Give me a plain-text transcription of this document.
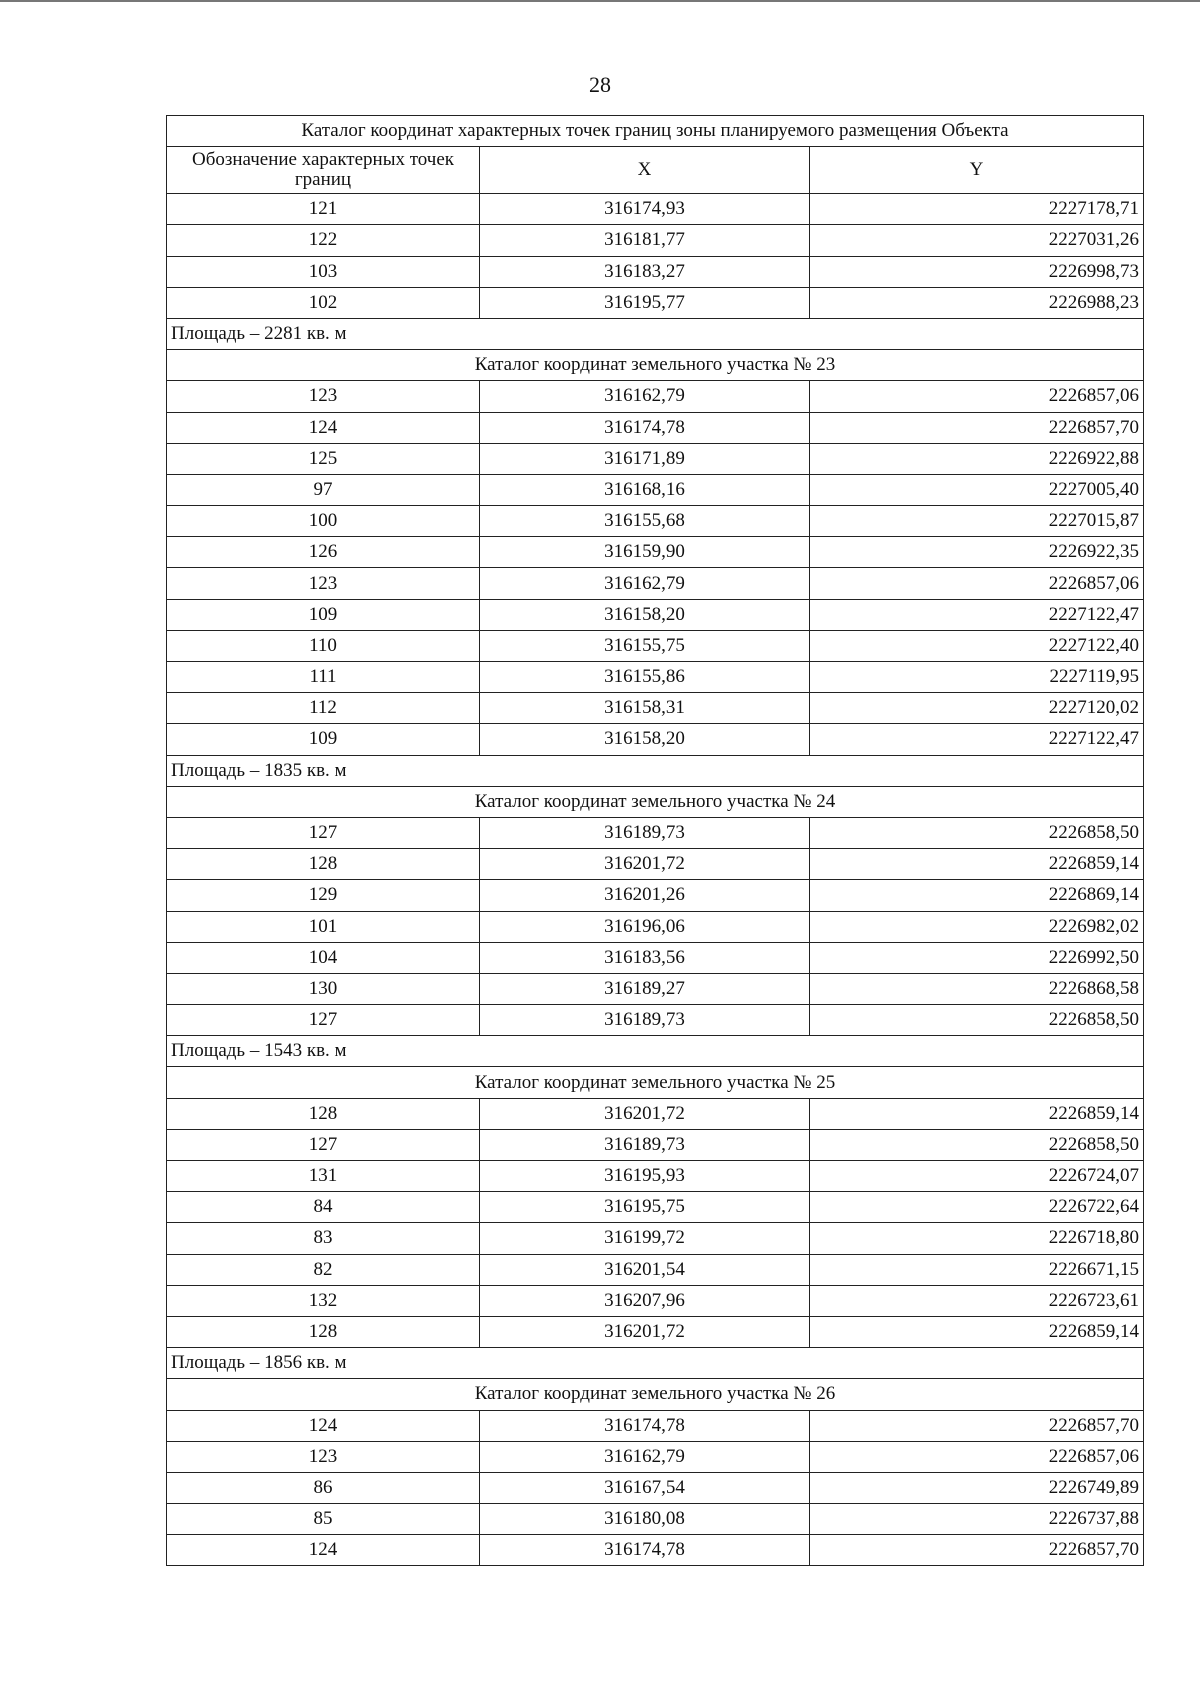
28
Каталог координат характерных точек границ зоны планируемого размещения Объекта		
Обозначение характерных точек границ	X	Y
121	316174,93	2227178,71
122	316181,77	2227031,26
103	316183,27	2226998,73
102	316195,77	2226988,23
Площадь – 2281 кв. м		
Каталог координат земельного участка № 23		
123	316162,79	2226857,06
124	316174,78	2226857,70
125	316171,89	2226922,88
97	316168,16	2227005,40
100	316155,68	2227015,87
126	316159,90	2226922,35
123	316162,79	2226857,06
109	316158,20	2227122,47
110	316155,75	2227122,40
111	316155,86	2227119,95
112	316158,31	2227120,02
109	316158,20	2227122,47
Площадь – 1835 кв. м		
Каталог координат земельного участка № 24		
127	316189,73	2226858,50
128	316201,72	2226859,14
129	316201,26	2226869,14
101	316196,06	2226982,02
104	316183,56	2226992,50
130	316189,27	2226868,58
127	316189,73	2226858,50
Площадь – 1543 кв. м		
Каталог координат земельного участка № 25		
128	316201,72	2226859,14
127	316189,73	2226858,50
131	316195,93	2226724,07
84	316195,75	2226722,64
83	316199,72	2226718,80
82	316201,54	2226671,15
132	316207,96	2226723,61
128	316201,72	2226859,14
Площадь – 1856 кв. м		
Каталог координат земельного участка № 26		
124	316174,78	2226857,70
123	316162,79	2226857,06
86	316167,54	2226749,89
85	316180,08	2226737,88
124	316174,78	2226857,70
